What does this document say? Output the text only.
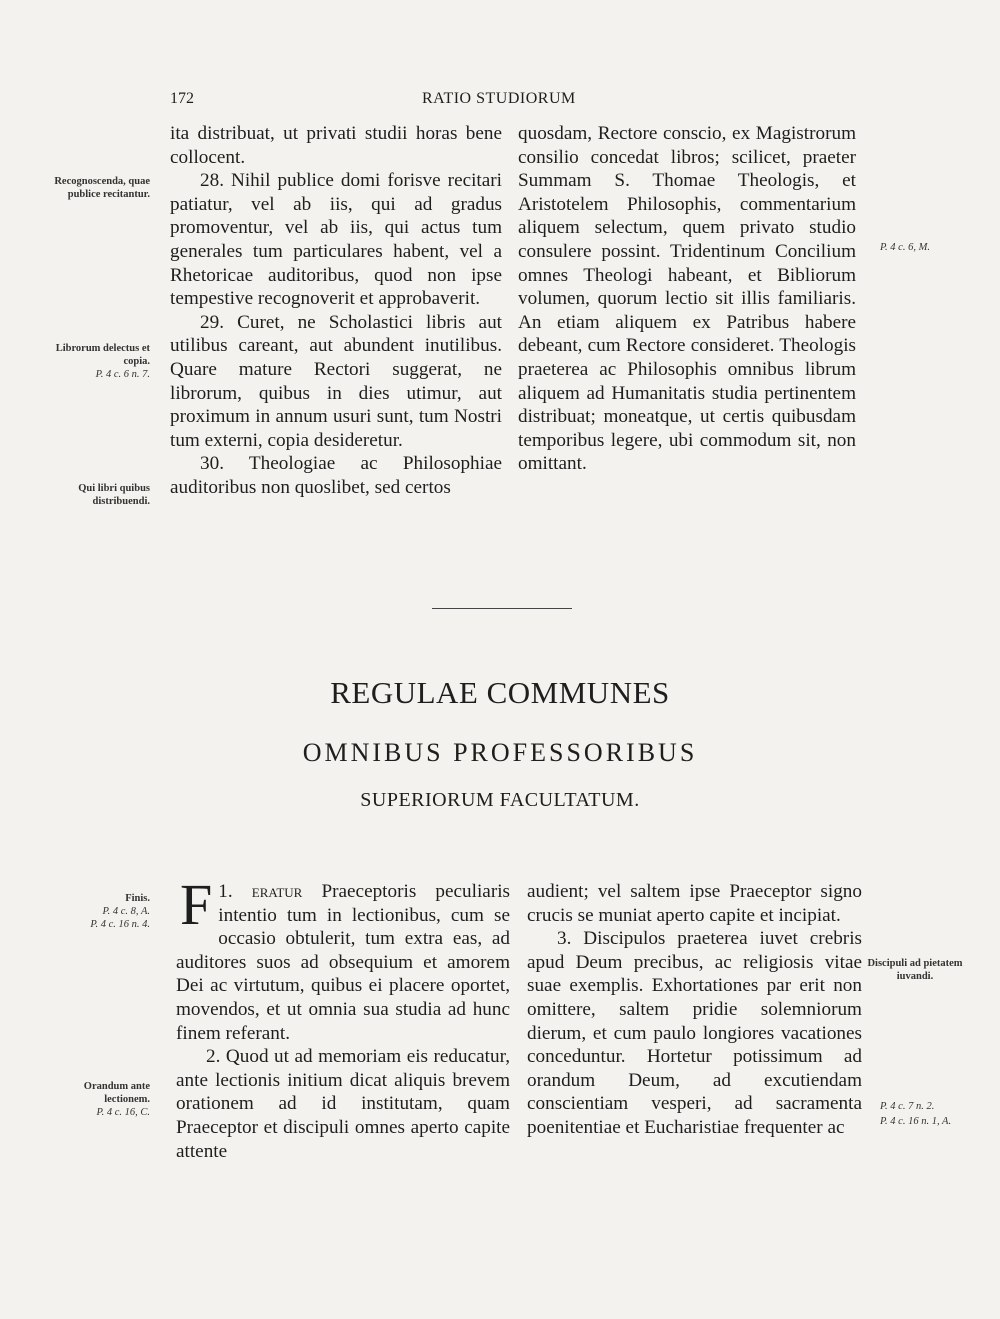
172	RATIO STUDIORUM
Recognoscenda, quae publice recitantur.
Librorum delectus et copia.
P. 4 c. 6 n. 7.
Qui libri quibus distribuendi.
Finis.
P. 4 c. 8, A.
P. 4 c. 16 n. 4.
Orandum ante lectionem.
P. 4 c. 16, C.
P. 4 c. 6, M.
Discipuli ad pietatem iuvandi.
P. 4 c. 7 n. 2.
P. 4 c. 16 n. 1, A.

ita distribuat, ut privati studii horas bene collocent.

28. Nihil publice domi forisve recitari patiatur, vel ab iis, qui ad gradus promoventur, vel ab iis, qui actus tum generales tum particulares habent, vel a Rhetoricae auditoribus, quod non ipse tempestive recognoverit et approbaverit.

29. Curet, ne Scholastici libris aut utilibus careant, aut abundent inutilibus. Quare mature Rectori suggerat, ne librorum, quibus in dies utimur, aut proximum in annum usuri sunt, tum Nostri tum externi, copia desideretur.

30. Theologiae ac Philosophiae auditoribus non quoslibet, sed certos

quosdam, Rectore conscio, ex Magistrorum consilio concedat libros; scilicet, praeter Summam S. Thomae Theologis, et Aristotelem Philosophis, commentarium aliquem selectum, quem privato studio consulere possint. Tridentinum Concilium omnes Theologi habeant, et Bibliorum volumen, quorum lectio sit illis familiaris. An etiam aliquem ex Patribus habere debeant, cum Rectore consideret. Theologis praeterea ac Philosophis omnibus librum aliquem ad Humanitatis studia pertinentem distribuat; moneatque, ut certis quibusdam temporibus legere, ubi commodum sit, non omittant.

REGULAE COMMUNES
OMNIBUS PROFESSORIBUS
SUPERIORUM FACULTATUM.

1.
F eratur Praeceptoris peculiaris intentio tum in lectionibus, cum se occasio obtulerit, tum extra eas, ad auditores suos ad obsequium et amorem Dei ac virtutum, quibus ei placere oportet, movendos, et ut omnia sua studia ad hunc finem referant.

2. Quod ut ad memoriam eis reducatur, ante lectionis initium dicat aliquis brevem orationem ad id institutam, quam Praeceptor et discipuli omnes aperto capite attente

audient; vel saltem ipse Praeceptor signo crucis se muniat aperto capite et incipiat.

3. Discipulos praeterea iuvet crebris apud Deum precibus, ac religiosis vitae suae exemplis. Exhortationes par erit non omittere, saltem pridie solemniorum dierum, et cum paulo longiores vacationes conceduntur. Hortetur potissimum ad orandum Deum, ad excutiendam conscientiam vesperi, ad sacramenta poenitentiae et Eucharistiae frequenter ac
